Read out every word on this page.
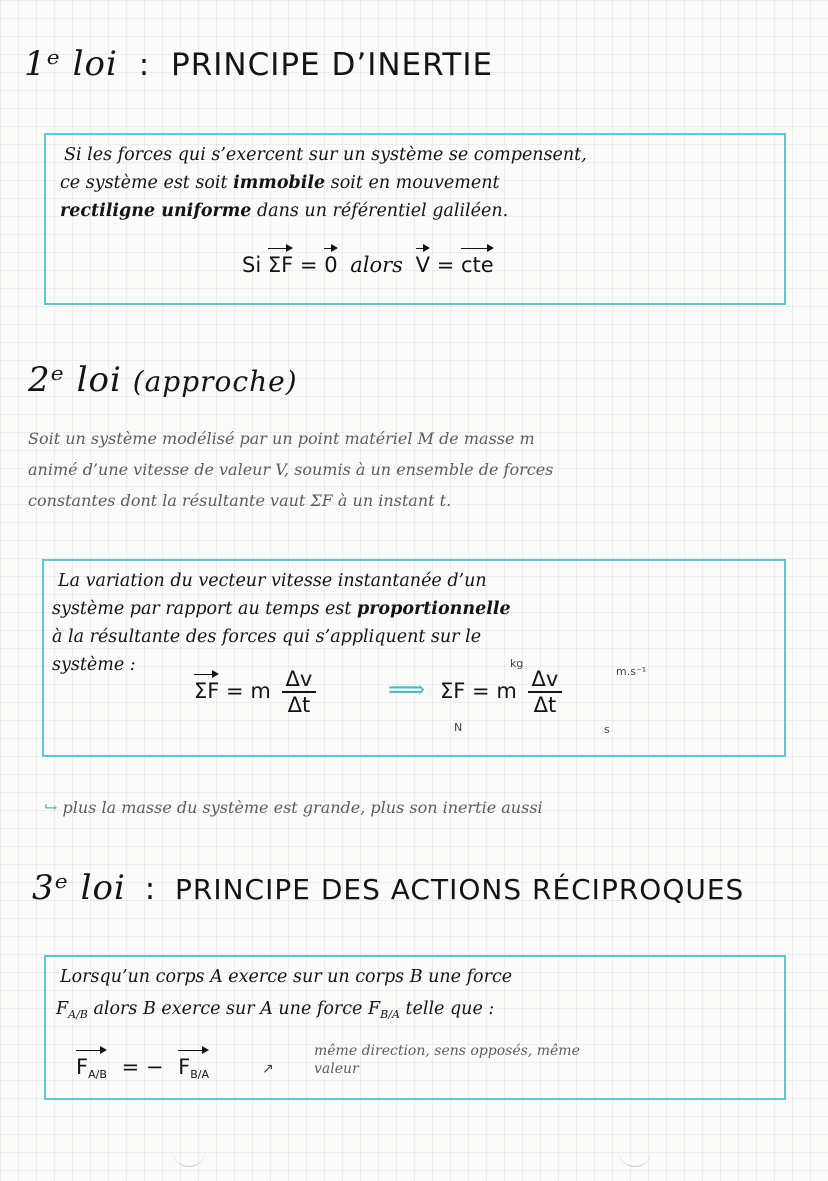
1ᵉ loi : PRINCIPE D’INERTIE
Si les forces qui s’exercent sur un système se compensent,
ce système est soit immobile soit en mouvement
rectiligne uniforme dans un référentiel galiléen.
Si ΣF = 0 alors V = cte
2ᵉ loi (approche)
Soit un système modélisé par un point matériel M de masse m
animé d’une vitesse de valeur V, soumis à un ensemble de forces
constantes dont la résultante vaut ΣF à un instant t.
La variation du vecteur vitesse instantanée d’un
système par rapport au temps est proportionnelle
à la résultante des forces qui s’appliquent sur le
système :
ΣF = m $\frac{\Delta v}{\Delta t}$	⟹ ΣF = m $\frac{\Delta v}{\Delta t}$
kg
m.s⁻¹
N	s
↪ plus la masse du système est grande, plus son inertie aussi
3ᵉ loi : PRINCIPE DES ACTIONS RÉCIPROQUES
Lorsqu’un corps A exerce sur un corps B une force
$F_{A/B}$ alors B exerce sur A une force $F_{B/A}$ telle que :
$F_{A/B}$ = − $F_{B/A}$	↗
même direction, sens opposés, même
valeur
